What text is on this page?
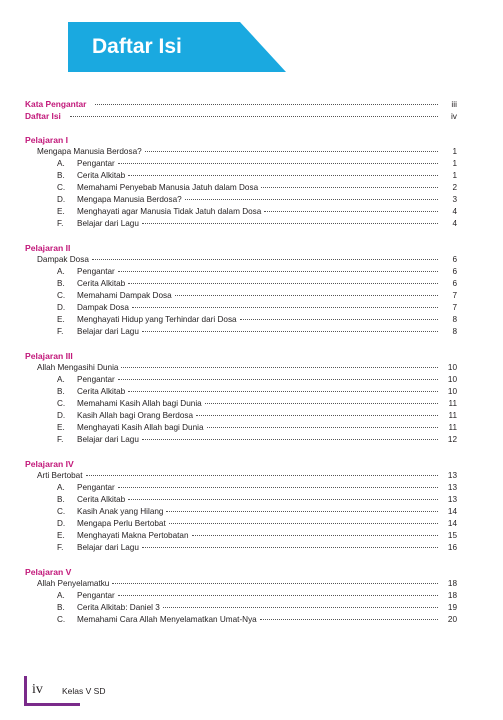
Daftar Isi
Kata Pengantar	iii
Daftar Isi	iv
Pelajaran I
Mengapa Manusia Berdosa?	1
A.	Pengantar	1
B.	Cerita Alkitab	1
C.	Memahami Penyebab Manusia Jatuh dalam Dosa	2
D.	Mengapa Manusia Berdosa?	3
E.	Menghayati agar Manusia Tidak Jatuh dalam Dosa	4
F.	Belajar dari Lagu	4
Pelajaran II
Dampak Dosa	6
A.	Pengantar	6
B.	Cerita Alkitab	6
C.	Memahami Dampak Dosa	7
D.	Dampak Dosa	7
E.	Menghayati Hidup yang Terhindar dari Dosa	8
F.	Belajar dari Lagu	8
Pelajaran III
Allah Mengasihi Dunia	10
A.	Pengantar	10
B.	Cerita Alkitab	10
C.	Memahami Kasih Allah bagi Dunia	11
D.	Kasih Allah bagi Orang Berdosa	11
E.	Menghayati Kasih Allah bagi Dunia	11
F.	Belajar dari Lagu	12
Pelajaran IV
Arti Bertobat	13
A.	Pengantar	13
B.	Cerita Alkitab	13
C.	Kasih Anak yang Hilang	14
D.	Mengapa Perlu Bertobat	14
E.	Menghayati Makna Pertobatan	15
F.	Belajar dari Lagu	16
Pelajaran V
Allah Penyelamatku	18
A.	Pengantar	18
B.	Cerita Alkitab: Daniel 3	19
C.	Memahami Cara Allah Menyelamatkan Umat-Nya	20
iv Kelas V SD
